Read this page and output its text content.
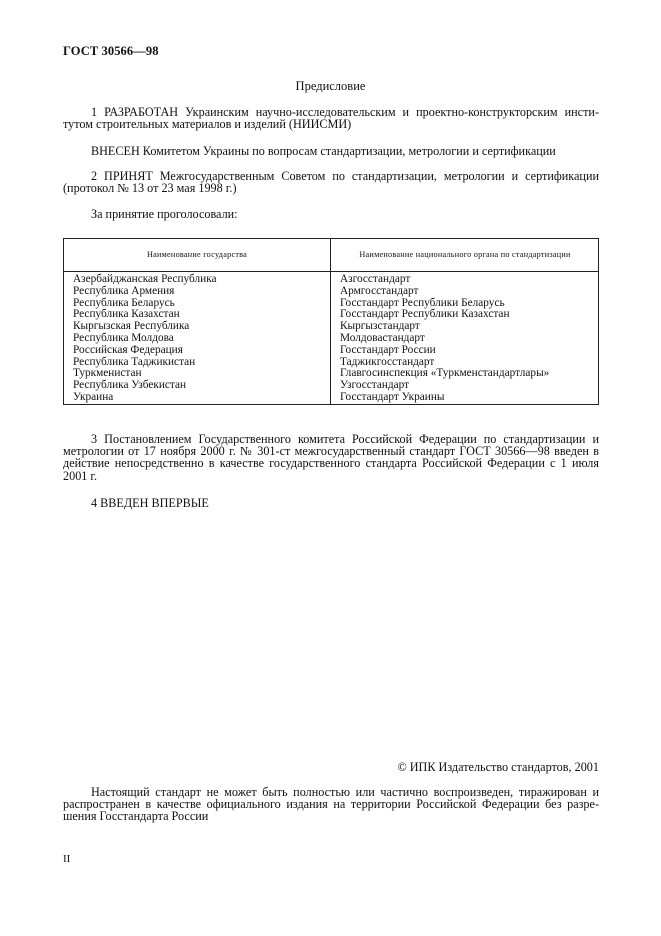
ГОСТ 30566—98
Предисловие
1 РАЗРАБОТАН Украинским научно-исследовательским и проектно-конструкторским инсти-
тутом строительных материалов и изделий (НИИСМИ)
ВНЕСЕН Комитетом Украины по вопросам стандартизации, метрологии и сертификации
2 ПРИНЯТ Межгосударственным Советом по стандартизации, метрологии и сертификации
(протокол № 13 от 23 мая 1998 г.)
За принятие проголосовали:
Наименование государства	Наименование национального органа по стандартизации
Азербайджанская Республика
Республика Армения
Республика Беларусь
Республика Казахстан
Кыргызская Республика
Республика Молдова
Российская Федерация
Республика Таджикистан
Туркменистан
Республика Узбекистан
Украина
Азгосстандарт
Армгосстандарт
Госстандарт Республики Беларусь
Госстандарт Республики Казахстан
Кыргызстандарт
Молдовастандарт
Госстандарт России
Таджикгосстандарт
Главгосинспекция «Туркменстандартлары»
Узгосстандарт
Госстандарт Украины
3 Постановлением Государственного комитета Российской Федерации по стандартизации и
метрологии от 17 ноября 2000 г. № 301-ст межгосударственный стандарт ГОСТ 30566—98 введен в
действие непосредственно в качестве государственного стандарта Российской Федерации с 1 июля
2001 г.
4 ВВЕДЕН ВПЕРВЫЕ
© ИПК Издательство стандартов, 2001
Настоящий стандарт не может быть полностью или частично воспроизведен, тиражирован и
распространен в качестве официального издания на территории Российской Федерации без разре-
шения Госстандарта России
II
